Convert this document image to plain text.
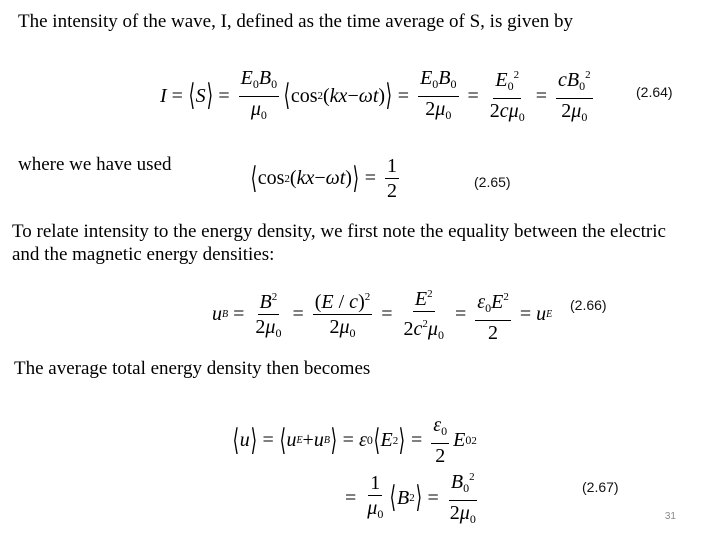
The intensity of the wave, I, defined as the time average of S, is given by
I = ⟨ S ⟩ = $\frac{E_0B_0}{\mu_0}$ ⟨ cos 2 ( kx − ωt ) ⟩ = $\frac{E_0B_0}{2\mu_0} = \frac{E_0^2}{2c\mu_0} = \frac{cB_0^2}{2\mu_0}$	(2.64)
where we have used	⟨ cos 2 ( kx − ωt ) ⟩ = $\frac{1}{2}$	(2.65)
To relate intensity to the energy density, we first note the equality between the electric
and the magnetic energy densities:
u $B = \frac{B^2}{2\mu_0} = \frac{(E / c)^2}{2\mu_0} = \frac{E^2}{2c^2\mu_0} = \frac{\varepsilon_0E^2}{2} = u$ E
(2.66)
The average total energy density then becomes
⟨ u ⟩ = ⟨ u E + u B ⟩ = ε 0 ⟨ E 2 ⟩ = $\frac{\varepsilon_0}{2}$ E 0 2
= $\frac{1}{\mu_0}$ ⟨ B 2 ⟩ = $\frac{B_0^2}{2\mu_0}$	(2.67)
31
